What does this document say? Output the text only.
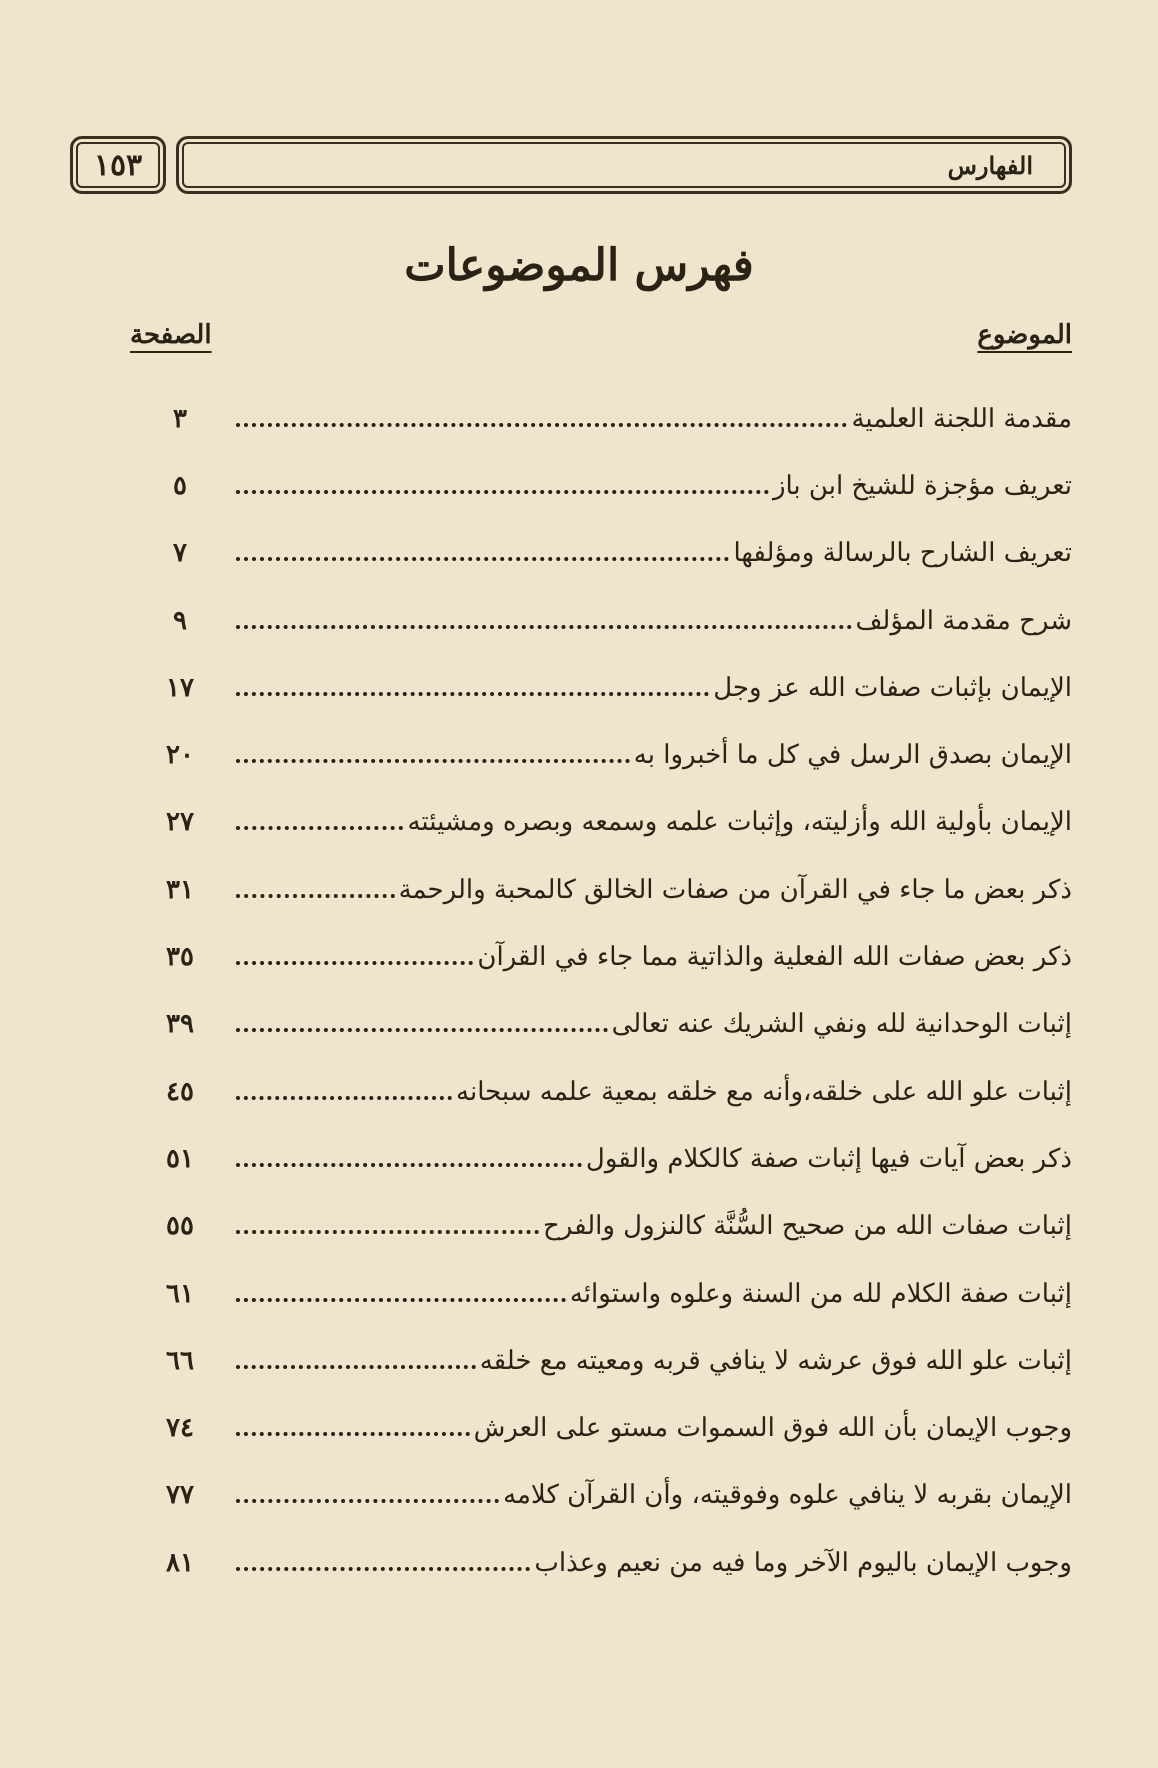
الفهارس
١٥٣
فهرس الموضوعات
الموضوع
الصفحة
مقدمة اللجنة العلمية
٣
تعريف مؤجزة للشيخ ابن باز
٥
تعريف الشارح بالرسالة ومؤلفها
٧
شرح مقدمة المؤلف
٩
الإيمان بإثبات صفات الله عز وجل
١٧
الإيمان بصدق الرسل في كل ما أخبروا به
٢٠
الإيمان بأولية الله وأزليته، وإثبات علمه وسمعه وبصره ومشيئته
٢٧
ذكر بعض ما جاء في القرآن من صفات الخالق كالمحبة والرحمة
٣١
ذكر بعض صفات الله الفعلية والذاتية مما جاء في القرآن
٣٥
إثبات الوحدانية لله ونفي الشريك عنه تعالى
٣٩
إثبات علو الله على خلقه،وأنه مع خلقه بمعية علمه سبحانه
٤٥
ذكر بعض آيات فيها إثبات صفة كالكلام والقول
٥١
إثبات صفات الله من صحيح السُّنَّة كالنزول والفرح
٥٥
إثبات صفة الكلام لله من السنة وعلوه واستوائه
٦١
إثبات علو الله فوق عرشه لا ينافي قربه ومعيته مع خلقه
٦٦
وجوب الإيمان بأن الله فوق السموات مستو على العرش
٧٤
الإيمان بقربه لا ينافي علوه وفوقيته، وأن القرآن كلامه
٧٧
وجوب الإيمان باليوم الآخر وما فيه من نعيم وعذاب
٨١
